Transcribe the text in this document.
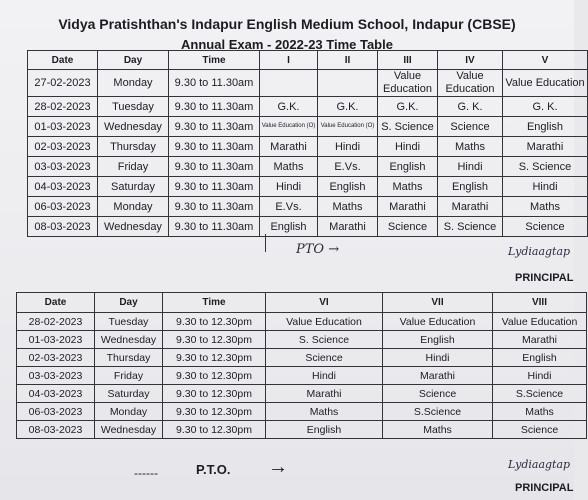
Vidya Pratishthan's Indapur English Medium School, Indapur (CBSE)
Annual Exam - 2022-23 Time Table
Date	Day	Time	I	II	III	IV	V
27-02-2023	Monday	9.30 to 11.30am			Value Education	Value Education	Value Education
28-02-2023	Tuesday	9.30 to 11.30am	G.K.	G.K.	G.K.	G. K.	G. K.
01-03-2023	Wednesday	9.30 to 11.30am	Value Education (O)	Value Education (O)	S. Science	Science	English
02-03-2023	Thursday	9.30 to 11.30am	Marathi	Hindi	Hindi	Maths	Marathi
03-03-2023	Friday	9.30 to 11.30am	Maths	E.Vs.	English	Hindi	S. Science
04-03-2023	Saturday	9.30 to 11.30am	Hindi	English	Maths	English	Hindi
06-03-2023	Monday	9.30 to 11.30am	E.Vs.	Maths	Marathi	Marathi	Maths
08-03-2023	Wednesday	9.30 to 11.30am	English	Marathi	Science	S. Science	Science
PTO →	Lydiaagtap
PRINCIPAL
Date	Day	Time	VI	VII	VIII
28-02-2023	Tuesday	9.30 to 12.30pm	Value Education	Value Education	Value Education
01-03-2023	Wednesday	9.30 to 12.30pm	S. Science	English	Marathi
02-03-2023	Thursday	9.30 to 12.30pm	Science	Hindi	English
03-03-2023	Friday	9.30 to 12.30pm	Hindi	Marathi	Hindi
04-03-2023	Saturday	9.30 to 12.30pm	Marathi	Science	S.Science
06-03-2023	Monday	9.30 to 12.30pm	Maths	S.Science	Maths
08-03-2023	Wednesday	9.30 to 12.30pm	English	Maths	Science
------	P.T.O. →	Lydiaagtap
PRINCIPAL
